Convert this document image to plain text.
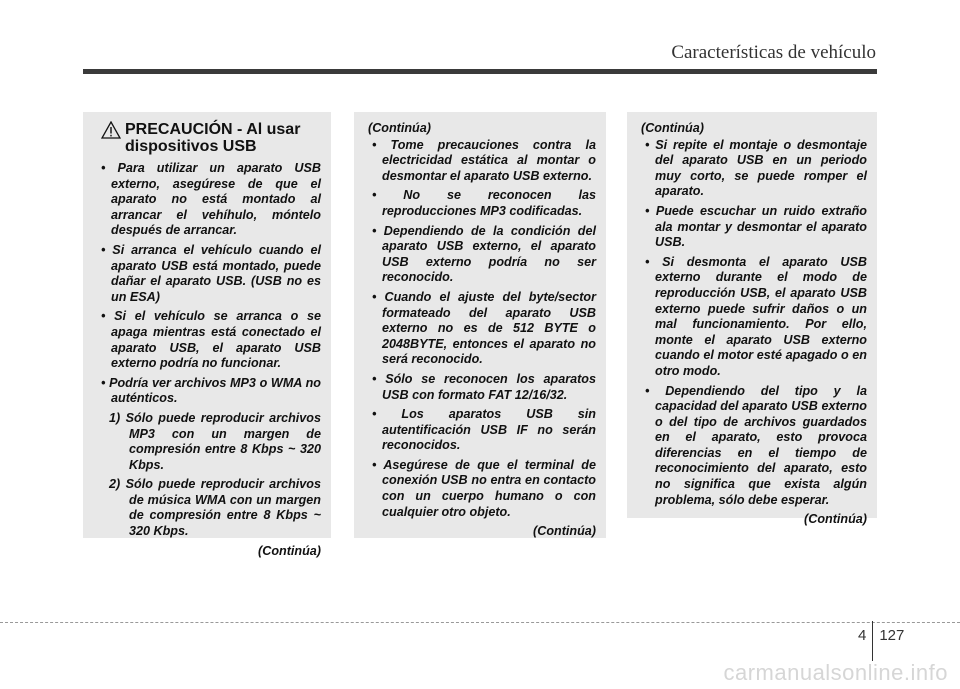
Características de vehículo
PRECAUCIÓN - Al usar dispositivos USB
• Para utilizar un aparato USB externo, asegúrese de que el aparato no está montado al arrancar el vehíhulo, móntelo después de arrancar.
• Si arranca el vehículo cuando el aparato USB está montado, puede dañar el aparato USB. (USB no es un ESA)
• Si el vehículo se arranca o se apaga mientras está conectado el aparato USB, el aparato USB externo podría no funcionar.
• Podría ver archivos MP3 o WMA no auténticos.
1) Sólo puede reproducir archivos MP3 con un margen de compresión entre 8 Kbps ~ 320 Kbps.
2) Sólo puede reproducir archivos de música WMA con un margen de compresión entre 8 Kbps ~ 320 Kbps.
(Continúa)
(Continúa)
• Tome precauciones contra la electricidad estática al montar o desmontar el aparato USB externo.
• No se reconocen las reproducciones MP3 codificadas.
• Dependiendo de la condición del aparato USB externo, el aparato USB externo podría no ser reconocido.
• Cuando el ajuste del byte/sector formateado del aparato USB externo no es de 512 BYTE o 2048BYTE, entonces el aparato no será reconocido.
• Sólo se reconocen los aparatos USB con formato FAT 12/16/32.
• Los aparatos USB sin autentificación USB IF no serán reconocidos.
• Asegúrese de que el terminal de conexión USB no entra en contacto con un cuerpo humano o con cualquier otro objeto.
(Continúa)
(Continúa)
• Si repite el montaje o desmontaje del aparato USB en un periodo muy corto, se puede romper el aparato.
• Puede escuchar un ruido extraño ala montar y desmontar el aparato USB.
• Si desmonta el aparato USB externo durante el modo de reproducción USB, el aparato USB externo puede sufrir daños o un mal funcionamiento. Por ello, monte el aparato USB externo cuando el motor esté apagado o en otro modo.
• Dependiendo del tipo y la capacidad del aparato USB externo o del tipo de archivos guardados en el aparato, esto provoca diferencias en el tiempo de reconocimiento del aparato, esto no significa que exista algún problema, sólo debe esperar.
(Continúa)
4 127
carmanualsonline.info
